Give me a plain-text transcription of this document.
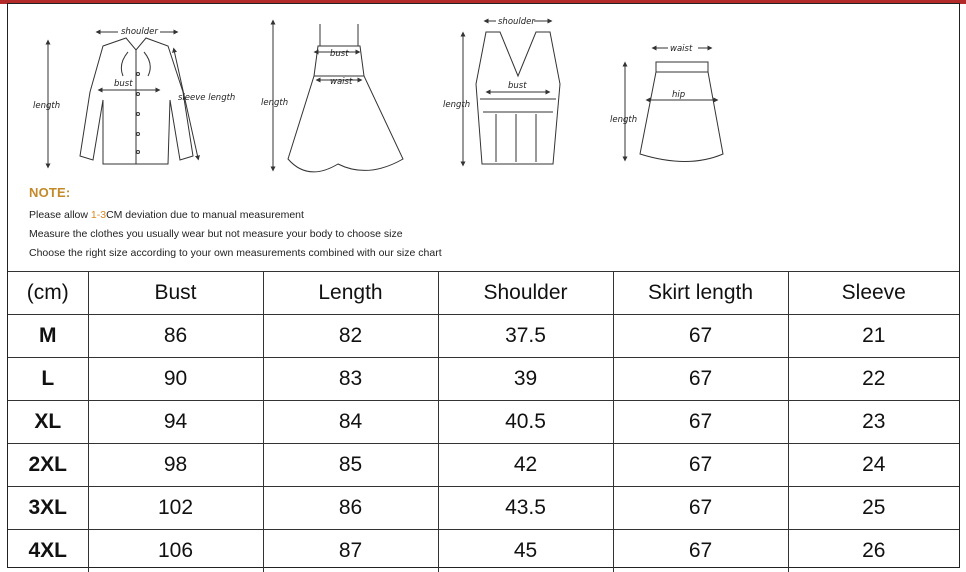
shoulder
bust
sleeve length
length
bust
waist
length
shoulder
bust
length
waist
hip
length
NOTE:
Please allow 1-3CM deviation due to manual measurement
Measure the clothes you usually wear but not measure your body to choose size
Choose the right size according to your own measurements combined with our size chart
(cm)	Bust	Length	Shoulder	Skirt length	Sleeve
M	86	82	37.5	67	21
L	90	83	39	67	22
XL	94	84	40.5	67	23
2XL	98	85	42	67	24
3XL	102	86	43.5	67	25
4XL	106	87	45	67	26
